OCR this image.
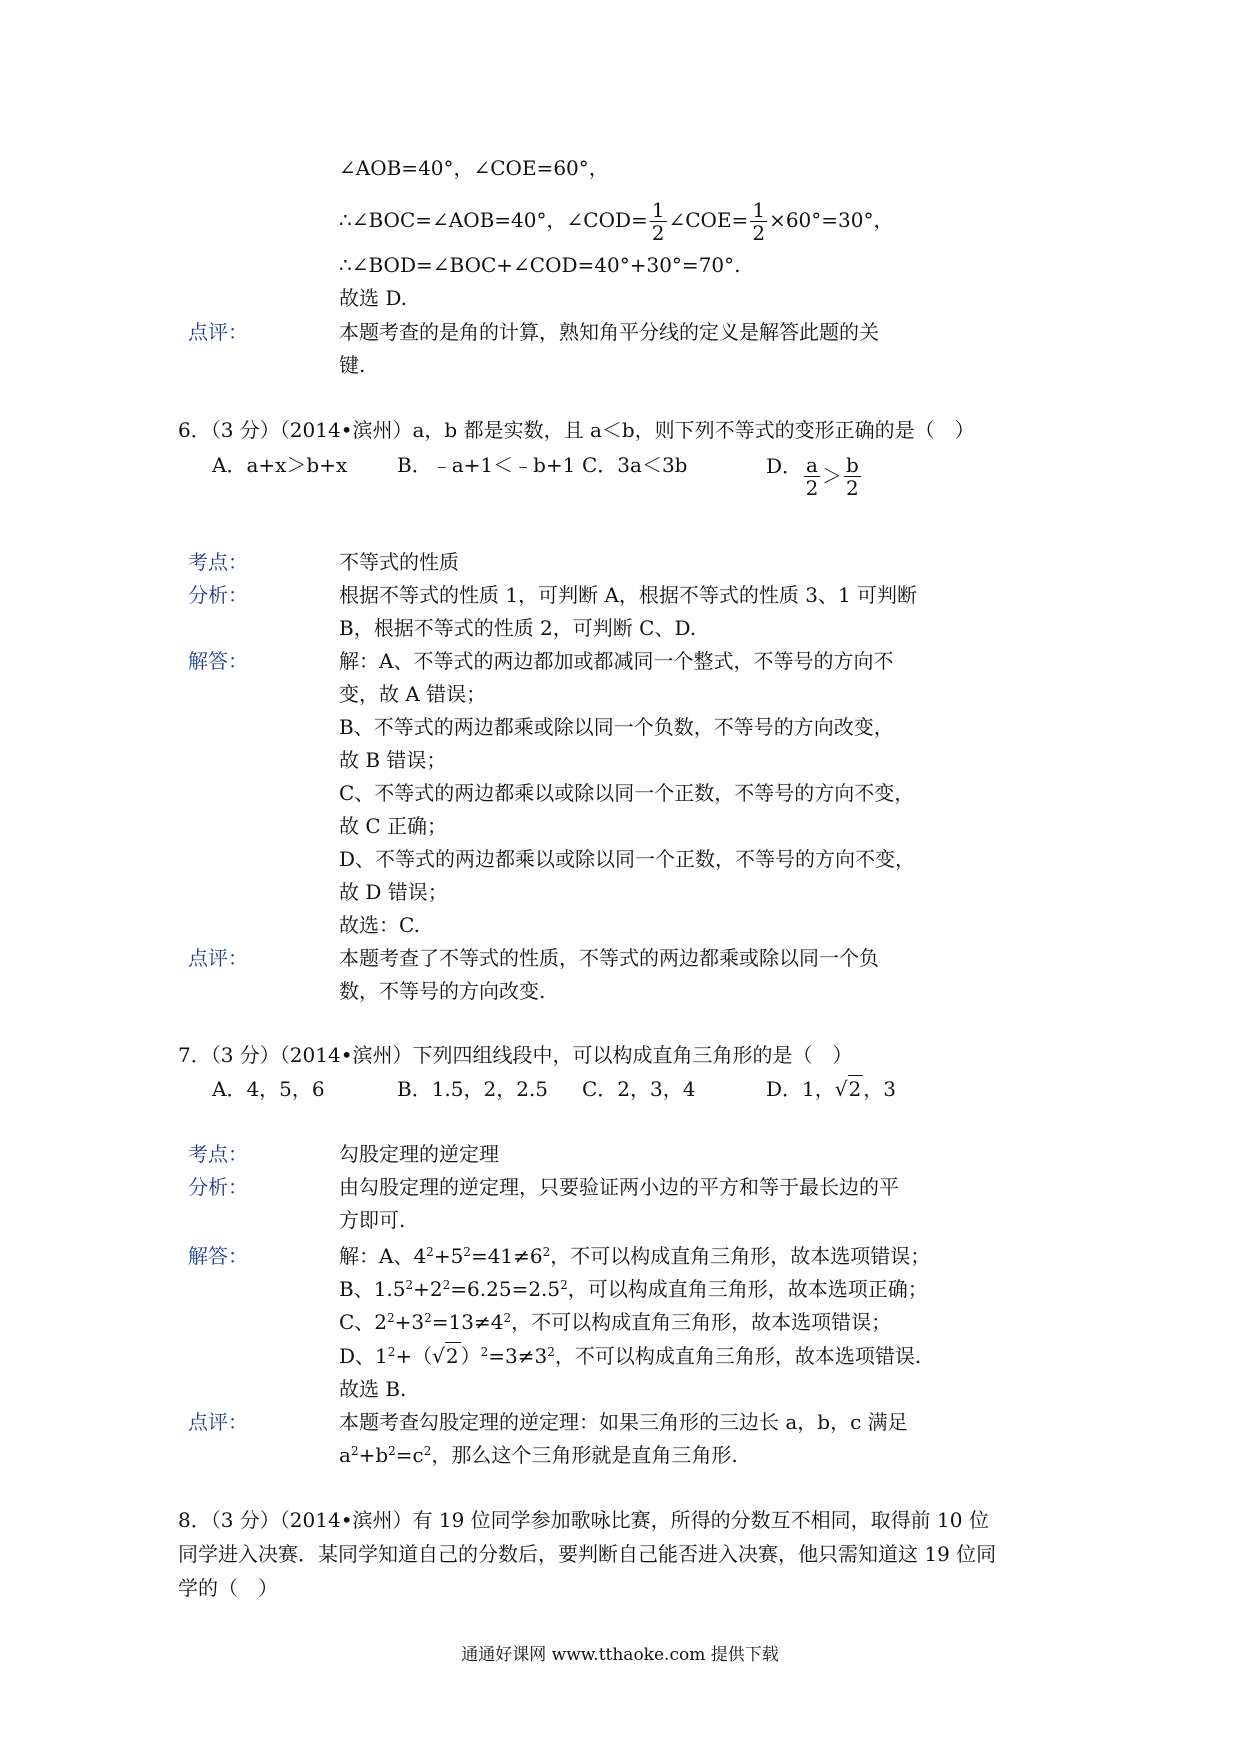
∠AOB=40°，∠COE=60°，
∴∠BOC=∠AOB=40°，∠COD= $\frac{1}{2}$ ∠COE= $\frac{1}{2} \times 60^\circ=30^\circ$，
∴∠BOD=∠BOC+∠COD=40°+30°=70°.
故选 D.
点评：	本题考查的是角的计算，熟知角平分线的定义是解答此题的关
键.
6．（3 分）（2014•滨州）a，b 都是实数，且 a＜b，则下列不等式的变形正确的是（　）
A．a+x＞b+x B．﹣a+1＜﹣b+1 C．3a＜3b	D． $\frac{a}{2} > \frac{b}{2}$
考点：	不等式的性质
分析：	根据不等式的性质 1，可判断 A，根据不等式的性质 3、1 可判断
B，根据不等式的性质 2，可判断 C、D.
解答：	解：A、不等式的两边都加或都减同一个整式，不等号的方向不
变，故 A 错误；
B、不等式的两边都乘或除以同一个负数，不等号的方向改变，
故 B 错误；
C、不等式的两边都乘以或除以同一个正数，不等号的方向不变，
故 C 正确；
D、不等式的两边都乘以或除以同一个正数，不等号的方向不变，
故 D 错误；
故选：C.
点评：	本题考查了不等式的性质，不等式的两边都乘或除以同一个负
数，不等号的方向改变.
7．（3 分）（2014•滨州）下列四组线段中，可以构成直角三角形的是（　）
A．4，5，6	B．1.5，2，2.5 C．2，3，4	D．1，√2 ，3
考点：	勾股定理的逆定理
分析：	由勾股定理的逆定理，只要验证两小边的平方和等于最长边的平
方即可.
解答：	解：A、$4^2+5^2=41\ne 6^2$，不可以构成直角三角形，故本选项错误；
B、$1.5^2+2^2=6.25=2.5^2$，可以构成直角三角形，故本选项正确；
C、$2^2+3^2=13\ne 4^2$，不可以构成直角三角形，故本选项错误；
D、$1^2+(√2$ ）$^2=3\ne 3^2$，不可以构成直角三角形，故本选项错误.
故选 B.
点评：	本题考查勾股定理的逆定理：如果三角形的三边长 a，b，c 满足
$a^2+b^2=c^2$，那么这个三角形就是直角三角形.
8．（3 分）（2014•滨州）有 19 位同学参加歌咏比赛，所得的分数互不相同，取得前 10 位
同学进入决赛．某同学知道自己的分数后，要判断自己能否进入决赛，他只需知道这 19 位同
学的（　）
通通好课网 www.tthaoke.com 提供下载
